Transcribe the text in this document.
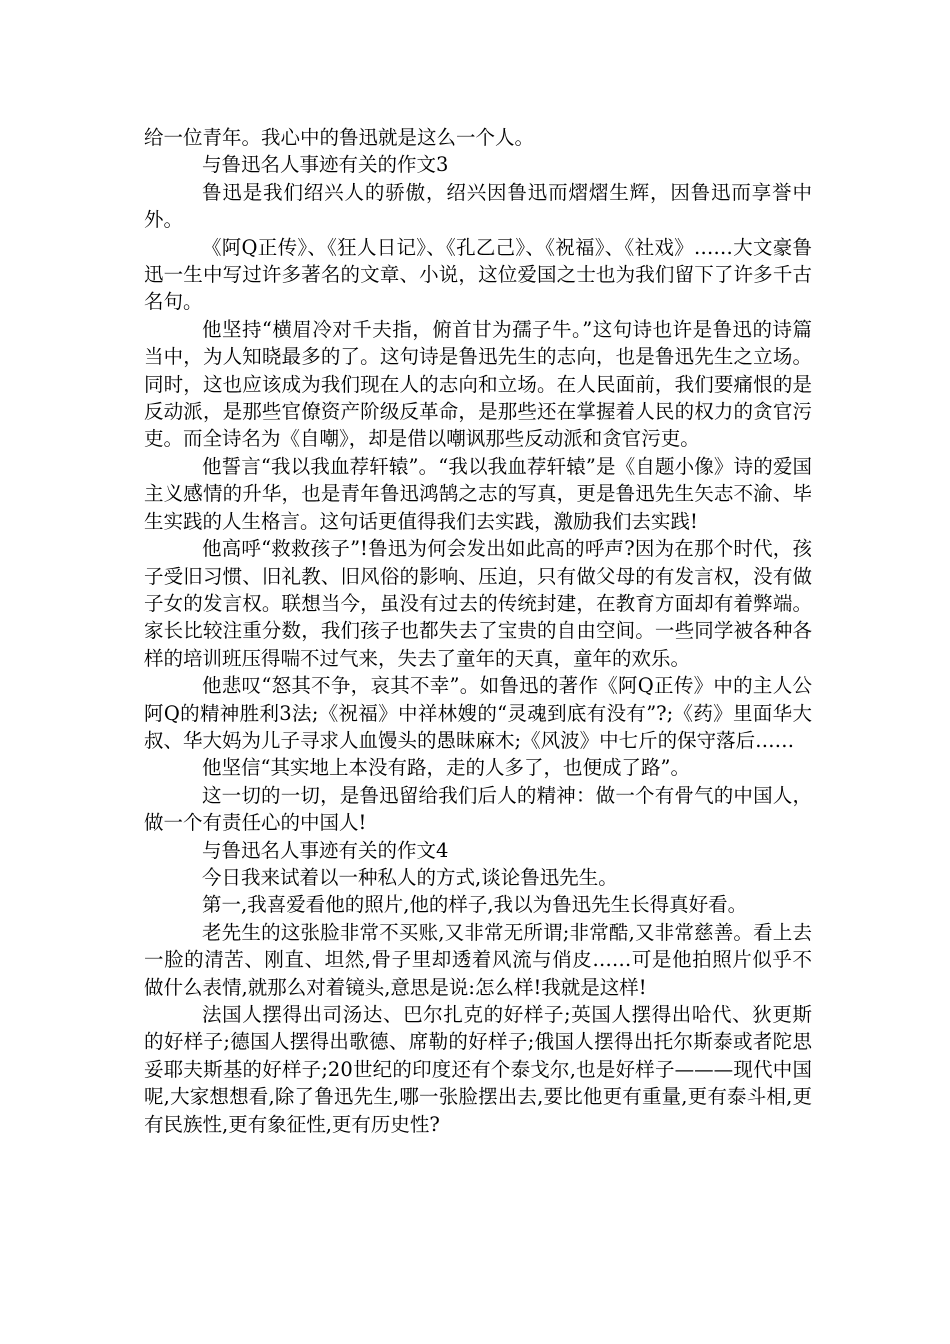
给一位青年。我心中的鲁迅就是这么一个人。

与鲁迅名人事迹有关的作文3

鲁迅是我们绍兴人的骄傲，绍兴因鲁迅而熠熠生辉，因鲁迅而享誉中外。

《阿Q正传》、《狂人日记》、《孔乙己》、《祝福》、《社戏》……大文豪鲁迅一生中写过许多著名的文章、小说，这位爱国之士也为我们留下了许多千古名句。

他坚持“横眉冷对千夫指，俯首甘为孺子牛。”这句诗也许是鲁迅的诗篇当中，为人知晓最多的了。这句诗是鲁迅先生的志向，也是鲁迅先生之立场。同时，这也应该成为我们现在人的志向和立场。在人民面前，我们要痛恨的是反动派，是那些官僚资产阶级反革命，是那些还在掌握着人民的权力的贪官污吏。而全诗名为《自嘲》，却是借以嘲讽那些反动派和贪官污吏。

他誓言“我以我血荐轩辕”。“我以我血荐轩辕”是《自题小像》诗的爱国主义感情的升华，也是青年鲁迅鸿鹄之志的写真，更是鲁迅先生矢志不渝、毕生实践的人生格言。这句话更值得我们去实践，激励我们去实践!

他高呼“救救孩子”!鲁迅为何会发出如此高的呼声?因为在那个时代，孩子受旧习惯、旧礼教、旧风俗的影响、压迫，只有做父母的有发言权，没有做子女的发言权。联想当今，虽没有过去的传统封建，在教育方面却有着弊端。家长比较注重分数，我们孩子也都失去了宝贵的自由空间。一些同学被各种各样的培训班压得喘不过气来，失去了童年的天真，童年的欢乐。

他悲叹“怒其不争，哀其不幸”。如鲁迅的著作《阿Q正传》中的主人公阿Q的精神胜利3法;《祝福》中祥林嫂的“灵魂到底有没有”?;《药》里面华大叔、华大妈为儿子寻求人血馒头的愚昧麻木;《风波》中七斤的保守落后……

他坚信“其实地上本没有路，走的人多了，也便成了路”。

这一切的一切，是鲁迅留给我们后人的精神：做一个有骨气的中国人，做一个有责任心的中国人!

与鲁迅名人事迹有关的作文4

今日我来试着以一种私人的方式,谈论鲁迅先生。

第一,我喜爱看他的照片,他的样子,我以为鲁迅先生长得真好看。

老先生的这张脸非常不买账,又非常无所谓;非常酷,又非常慈善。看上去一脸的清苦、刚直、坦然,骨子里却透着风流与俏皮……可是他拍照片似乎不做什么表情,就那么对着镜头,意思是说:怎么样!我就是这样!

法国人摆得出司汤达、巴尔扎克的好样子;英国人摆得出哈代、狄更斯的好样子;德国人摆得出歌德、席勒的好样子;俄国人摆得出托尔斯泰或者陀思妥耶夫斯基的好样子;20世纪的印度还有个泰戈尔,也是好样子———现代中国呢,大家想想看,除了鲁迅先生,哪一张脸摆出去,要比他更有重量,更有泰斗相,更有民族性,更有象征性,更有历史性?
